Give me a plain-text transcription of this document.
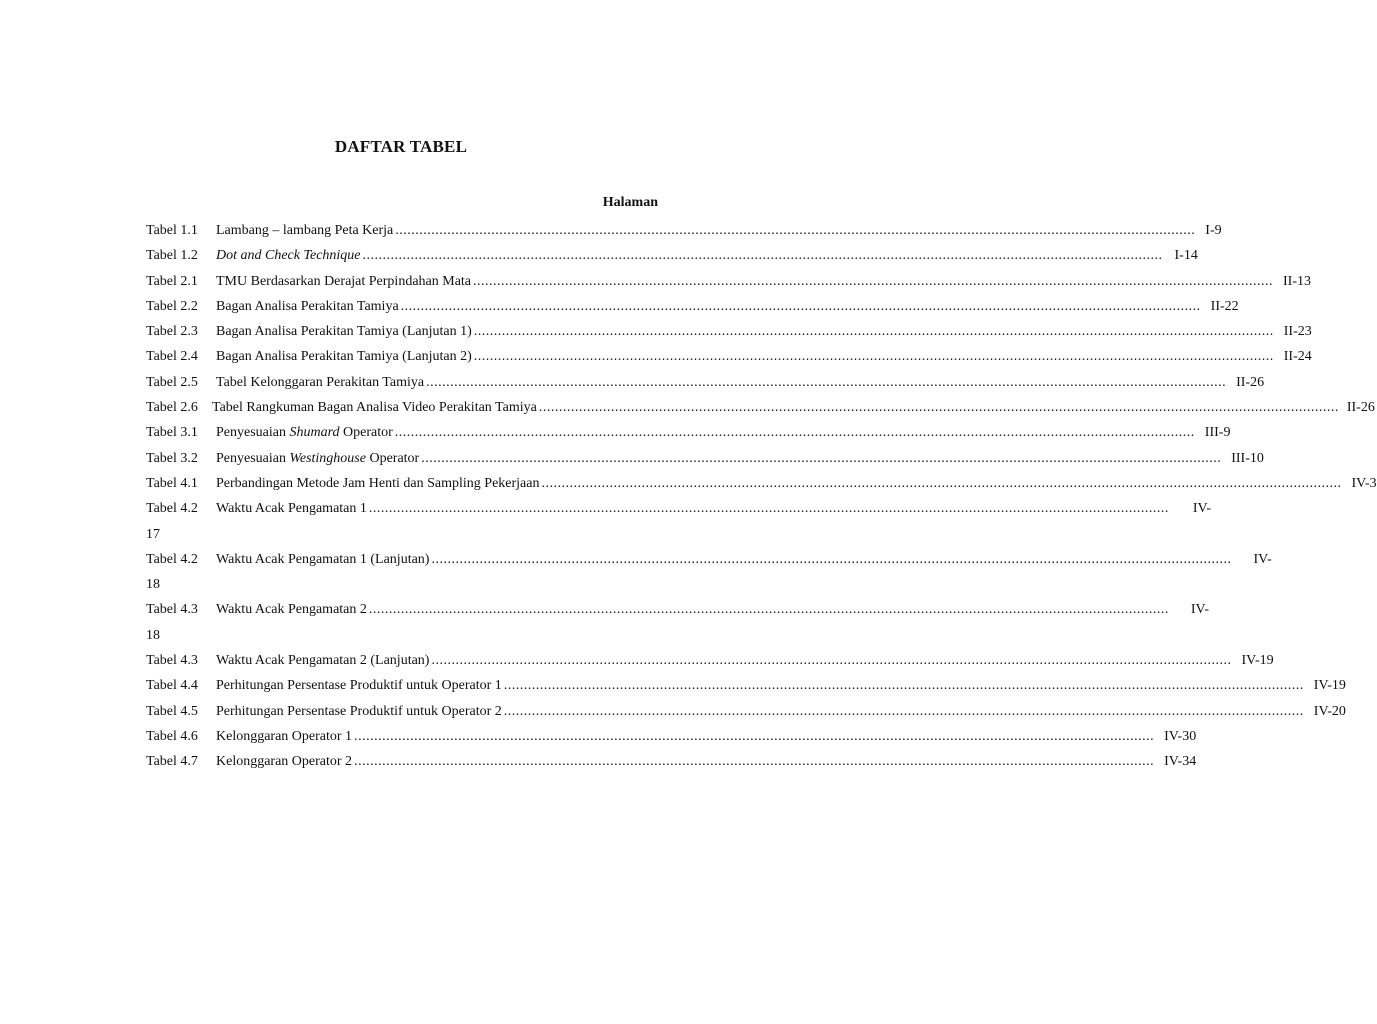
DAFTAR TABEL
Halaman
Tabel 1.1	Lambang – lambang Peta Kerja ........................................................................................................................................................................................................ I-9
Tabel 1.2	Dot and Check Technique ........................................................................................................................................................................................................ I-14
Tabel 2.1	TMU Berdasarkan Derajat Perpindahan Mata ........................................................................................................................................................................................................ II-13
Tabel 2.2	Bagan Analisa Perakitan Tamiya ........................................................................................................................................................................................................ II-22
Tabel 2.3	Bagan Analisa Perakitan Tamiya (Lanjutan 1) ........................................................................................................................................................................................................ II-23
Tabel 2.4	Bagan Analisa Perakitan Tamiya (Lanjutan 2) ........................................................................................................................................................................................................ II-24
Tabel 2.5	Tabel Kelonggaran Perakitan Tamiya ........................................................................................................................................................................................................ II-26
Tabel 2.6	Tabel Rangkuman Bagan Analisa Video Perakitan Tamiya ........................................................................................................................................................................................................ II-26
Tabel 3.1	Penyesuaian Shumard Operator ........................................................................................................................................................................................................ III-9
Tabel 3.2	Penyesuaian Westinghouse Operator ........................................................................................................................................................................................................ III-10
Tabel 4.1	Perbandingan Metode Jam Henti dan Sampling Pekerjaan ........................................................................................................................................................................................................ IV-3
Tabel 4.2	Waktu Acak Pengamatan 1 ........................................................................................................................................................................................................	IV-
17
Tabel 4.2	Waktu Acak Pengamatan 1 (Lanjutan) ........................................................................................................................................................................................................	IV-
18
Tabel 4.3	Waktu Acak Pengamatan 2 ........................................................................................................................................................................................................	IV-
18
Tabel 4.3	Waktu Acak Pengamatan 2 (Lanjutan) ........................................................................................................................................................................................................ IV-19
Tabel 4.4	Perhitungan Persentase Produktif untuk Operator 1 ........................................................................................................................................................................................................ IV-19
Tabel 4.5	Perhitungan Persentase Produktif untuk Operator 2 ........................................................................................................................................................................................................ IV-20
Tabel 4.6	Kelonggaran Operator 1 ........................................................................................................................................................................................................ IV-30
Tabel 4.7	Kelonggaran Operator 2 ........................................................................................................................................................................................................ IV-34
